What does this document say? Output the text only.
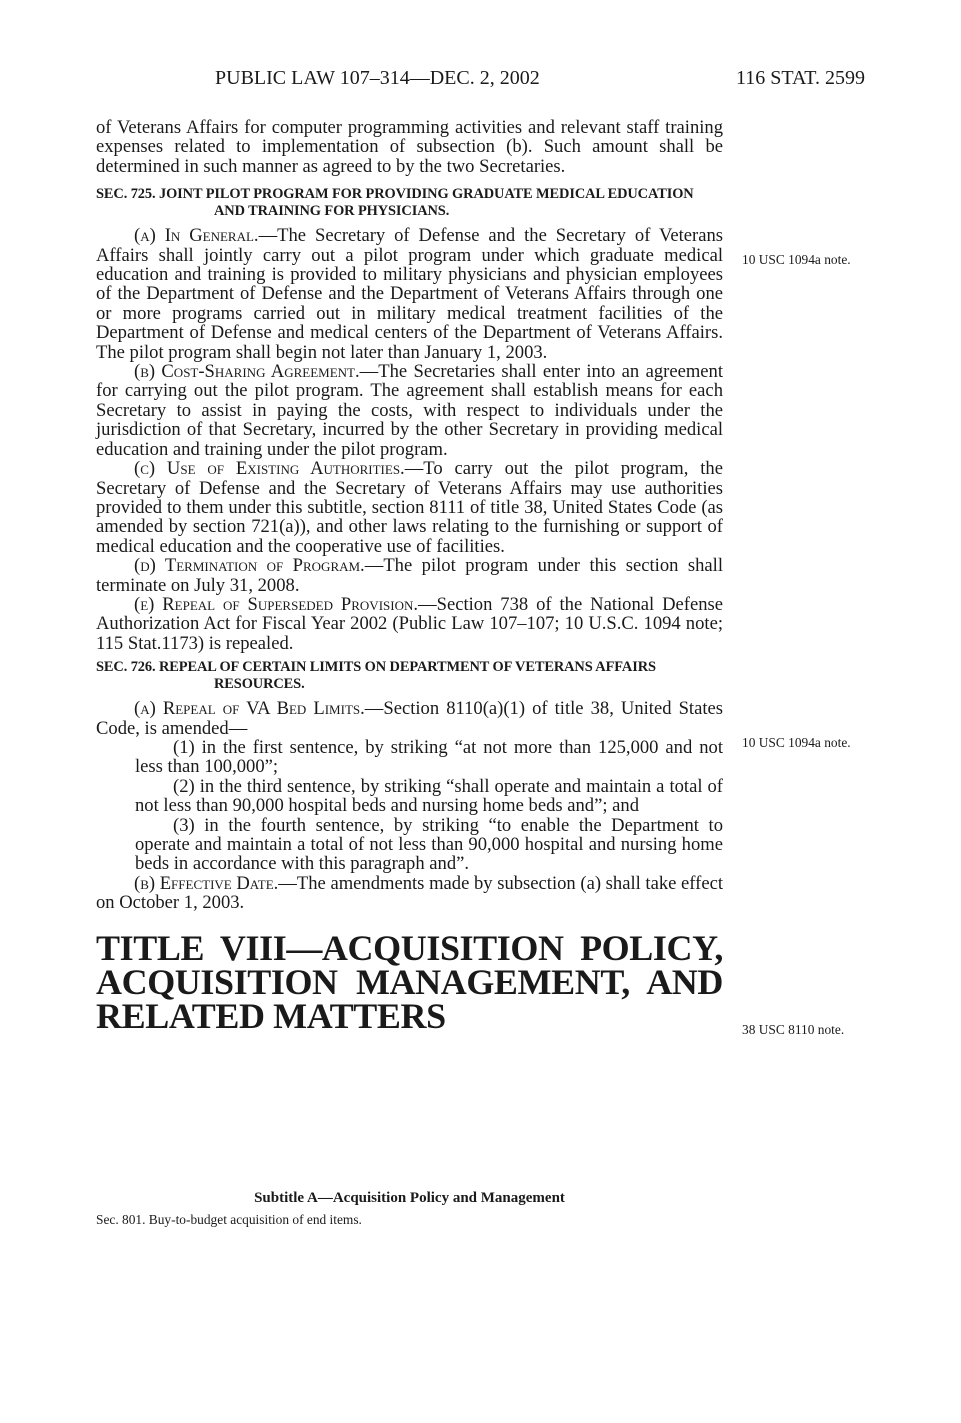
PUBLIC LAW 107–314—DEC. 2, 2002	116 STAT. 2599

of Veterans Affairs for computer programming activities and relevant staff training expenses related to implementation of subsection (b). Such amount shall be determined in such manner as agreed to by the two Secretaries.

SEC. 725. JOINT PILOT PROGRAM FOR PROVIDING GRADUATE MEDICAL EDUCATION AND TRAINING FOR PHYSICIANS.

(a) In General.—The Secretary of Defense and the Secretary of Veterans Affairs shall jointly carry out a pilot program under which graduate medical education and training is provided to military physicians and physician employees of the Department of Defense and the Department of Veterans Affairs through one or more programs carried out in military medical treatment facilities of the Department of Defense and medical centers of the Department of Veterans Affairs. The pilot program shall begin not later than January 1, 2003.

(b) Cost-Sharing Agreement.—The Secretaries shall enter into an agreement for carrying out the pilot program. The agreement shall establish means for each Secretary to assist in paying the costs, with respect to individuals under the jurisdiction of that Secretary, incurred by the other Secretary in providing medical education and training under the pilot program.

(c) Use of Existing Authorities.—To carry out the pilot program, the Secretary of Defense and the Secretary of Veterans Affairs may use authorities provided to them under this subtitle, section 8111 of title 38, United States Code (as amended by section 721(a)), and other laws relating to the furnishing or support of medical education and the cooperative use of facilities.

(d) Termination of Program.—The pilot program under this section shall terminate on July 31, 2008.

(e) Repeal of Superseded Provision.—Section 738 of the National Defense Authorization Act for Fiscal Year 2002 (Public Law 107–107; 10 U.S.C. 1094 note; 115 Stat.1173) is repealed.

SEC. 726. REPEAL OF CERTAIN LIMITS ON DEPARTMENT OF VETERANS AFFAIRS RESOURCES.

(a) Repeal of VA Bed Limits.—Section 8110(a)(1) of title 38, United States Code, is amended—

(1) in the first sentence, by striking “at not more than 125,000 and not less than 100,000”;

(2) in the third sentence, by striking “shall operate and maintain a total of not less than 90,000 hospital beds and nursing home beds and”; and

(3) in the fourth sentence, by striking “to enable the Department to operate and maintain a total of not less than 90,000 hospital and nursing home beds in accordance with this paragraph and”.

(b) Effective Date.—The amendments made by subsection (a) shall take effect on October 1, 2003.

TITLE VIII—ACQUISITION POLICY, ACQUISITION MANAGEMENT, AND RELATED MATTERS
Subtitle A—Acquisition Policy and Management
Sec. 801. Buy-to-budget acquisition of end items.
10 USC 1094a note.
10 USC 1094a note.
38 USC 8110 note.
